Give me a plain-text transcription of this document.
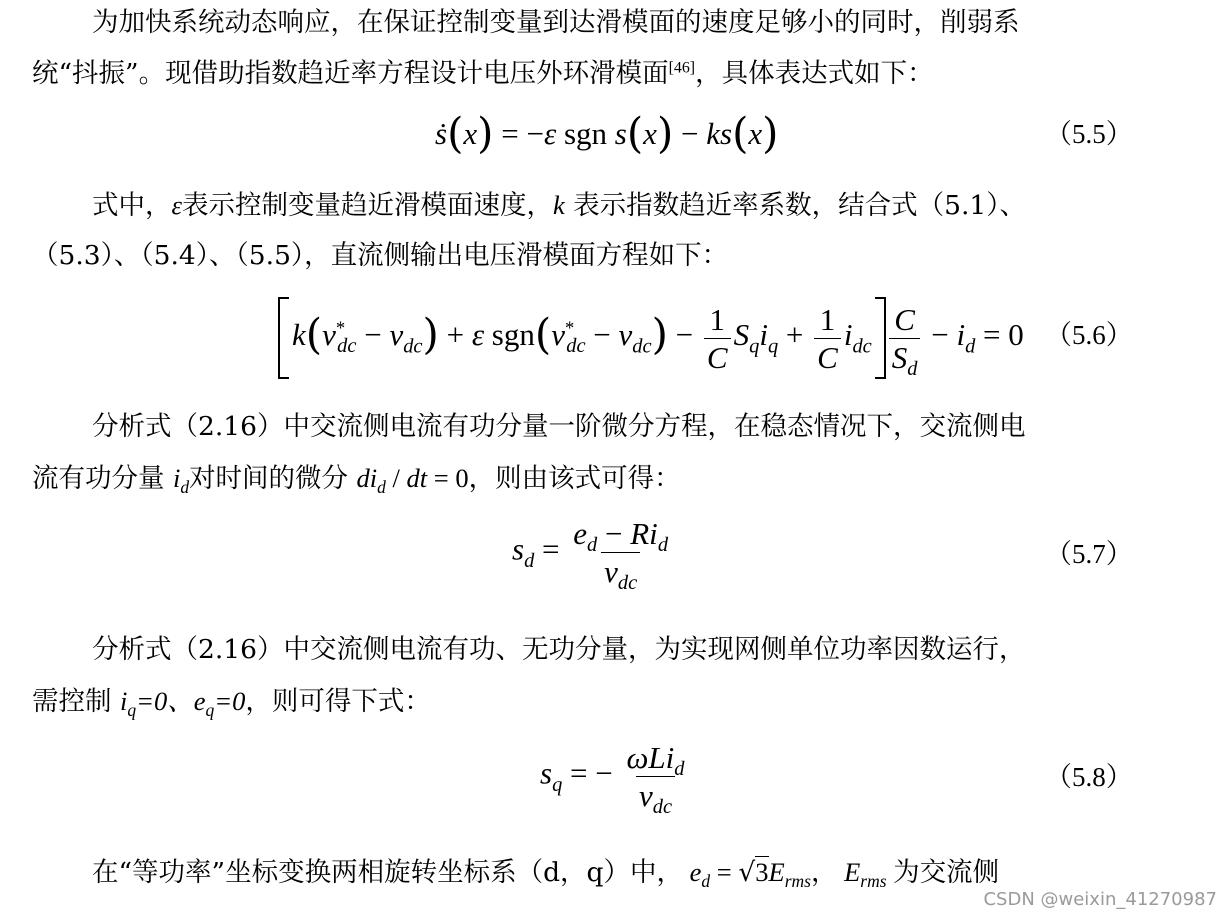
为加快系统动态响应，在保证控制变量到达滑模面的速度足够小的同时，削弱系
统“抖振”。现借助指数趋近率方程设计电压外环滑模面[46]，具体表达式如下：
ṡ(x) = −ε sgn s(x) − ks(x)	（5.5）
式中，ε表示控制变量趋近滑模面速度，k 表示指数趋近率系数，结合式（5.1）、
（5.3）、（5.4）、（5.5），直流侧输出电压滑模面方程如下：
$k(v^*_{dc} - v_{dc}) + \varepsilon$ $sgn(v^*_{dc} - v_{dc}) - \frac{1}{C} S_qi_q + \frac{1}{C} i_{dc} \frac{C}{S_d} - i_d = 0$ （5.6）
分析式（2.16）中交流侧电流有功分量一阶微分方程，在稳态情况下，交流侧电
流有功分量 $i_d$对时间的微分 $di_d$ / dt = 0，则由该式可得：
$s_d = \frac{e_d - Ri_d}{v_{dc}}$	（5.7）
分析式（2.16）中交流侧电流有功、无功分量，为实现网侧单位功率因数运行，
需控制 $i_q=0$、$e_q=0$，则可得下式：
$s_q$ = − $\frac{\omega Li_d}{v_{dc}}$	（5.8）
在“等功率”坐标变换两相旋转坐标系（d，q）中， $e_d = √3E_{rms}$， $E_{rms}$ 为交流侧
CSDN @weixin_41270987
